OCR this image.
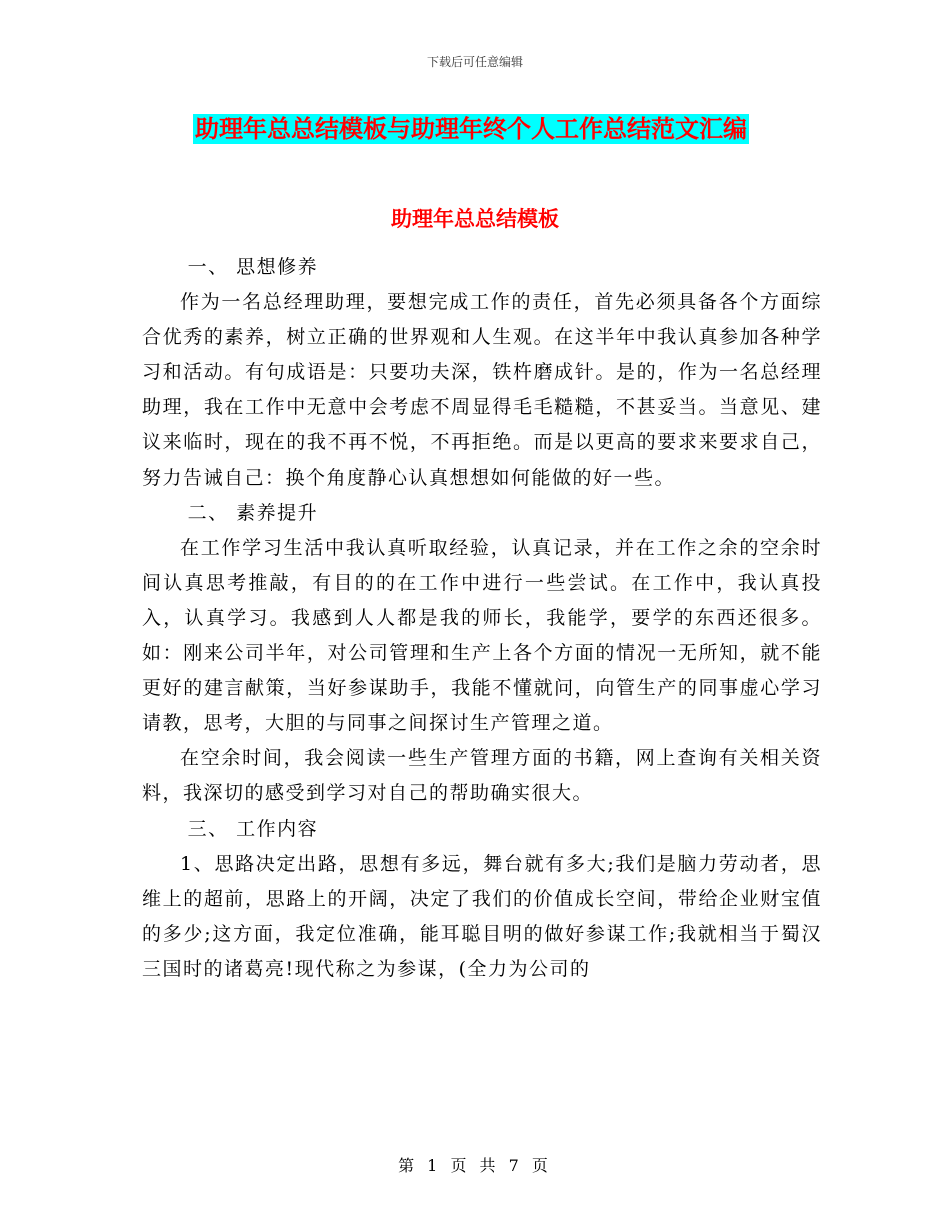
下载后可任意编辑
助理年总总结模板与助理年终个人工作总结范文汇编
助理年总总结模板

一、 思想修养

作为一名总经理助理，要想完成工作的责任，首先必须具备各个方面综合优秀的素养，树立正确的世界观和人生观。在这半年中我认真参加各种学习和活动。有句成语是：只要功夫深，铁杵磨成针。是的，作为一名总经理助理，我在工作中无意中会考虑不周显得毛毛糙糙，不甚妥当。当意见、建议来临时，现在的我不再不悦，不再拒绝。而是以更高的要求来要求自己，努力告诫自己：换个角度静心认真想想如何能做的好一些。

二、 素养提升

在工作学习生活中我认真听取经验，认真记录，并在工作之余的空余时间认真思考推敲，有目的的在工作中进行一些尝试。在工作中，我认真投入，认真学习。我感到人人都是我的师长，我能学，要学的东西还很多。如：刚来公司半年，对公司管理和生产上各个方面的情况一无所知，就不能更好的建言献策，当好参谋助手，我能不懂就问，向管生产的同事虚心学习请教，思考，大胆的与同事之间探讨生产管理之道。

在空余时间，我会阅读一些生产管理方面的书籍，网上查询有关相关资料，我深切的感受到学习对自己的帮助确实很大。

三、 工作内容

1、思路决定出路，思想有多远，舞台就有多大;我们是脑力劳动者，思维上的超前，思路上的开阔，决定了我们的价值成长空间，带给企业财宝值的多少;这方面，我定位准确，能耳聪目明的做好参谋工作;我就相当于蜀汉三国时的诸葛亮!现代称之为参谋，(全力为公司的

第 1 页 共 7 页
